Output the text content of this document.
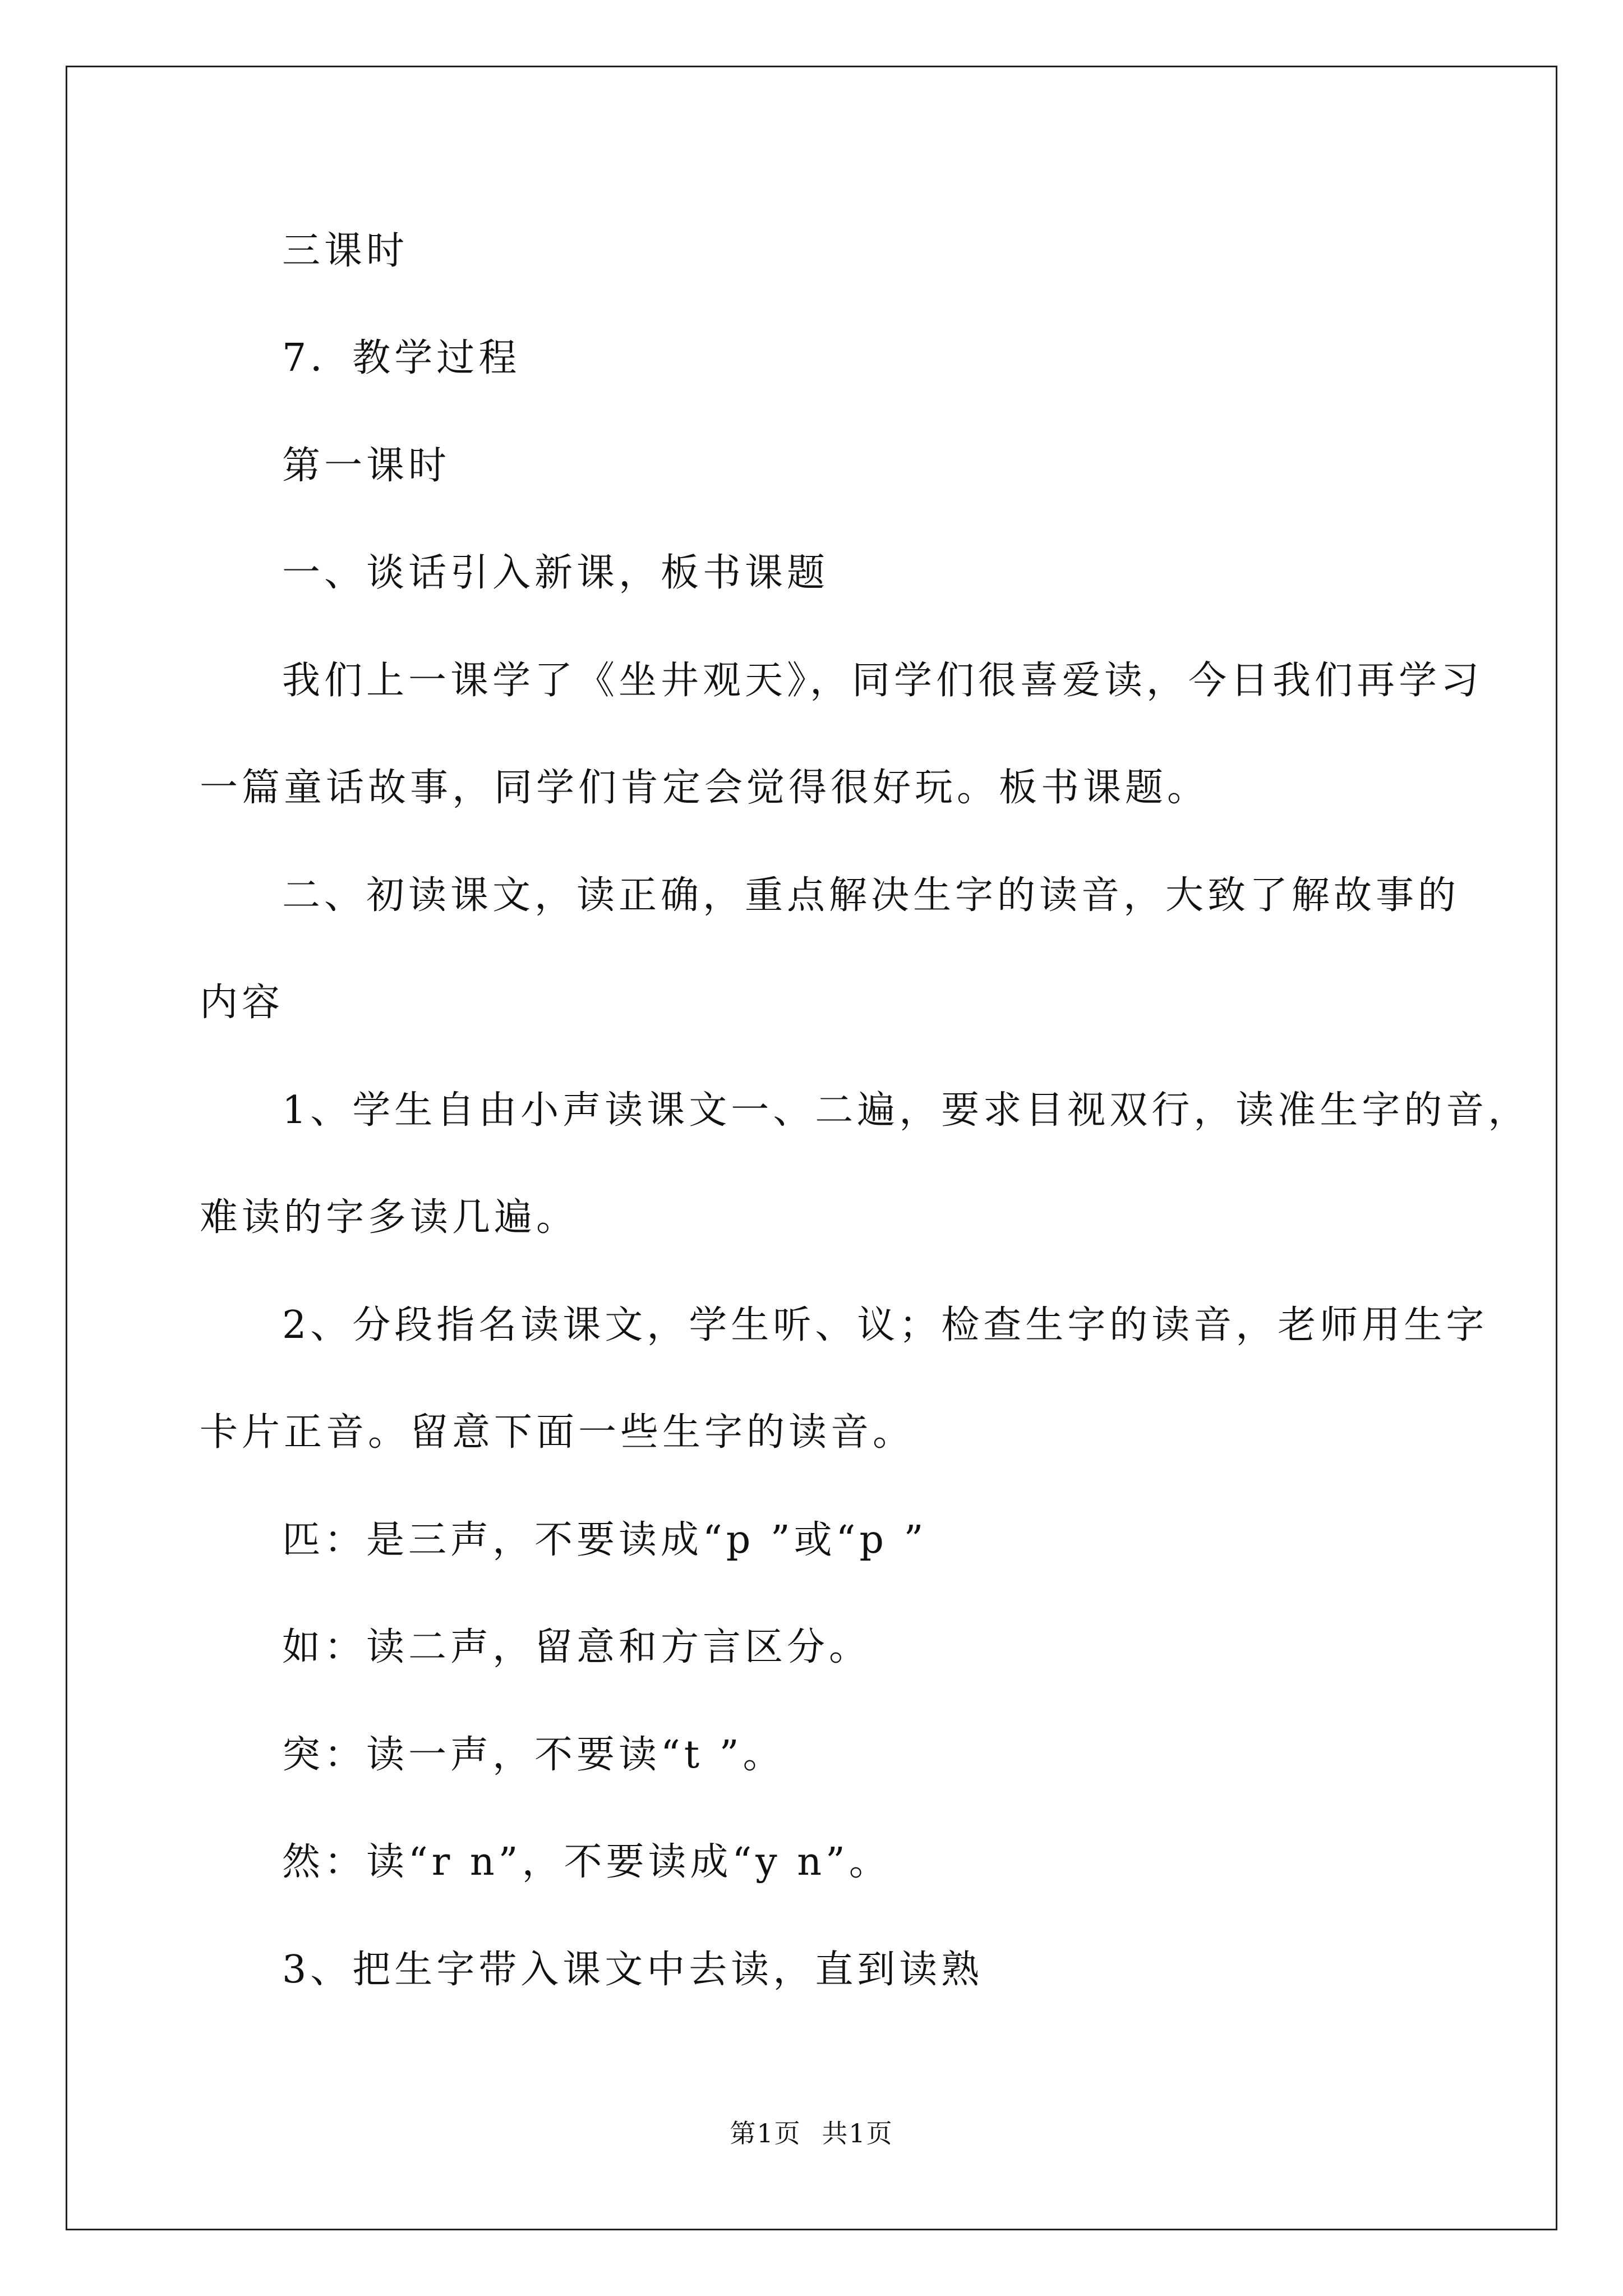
三课时

7．教学过程

第一课时

一、谈话引入新课，板书课题

我们上一课学了《坐井观天》，同学们很喜爱读，今日我们再学习

一篇童话故事，同学们肯定会觉得很好玩。板书课题。

二、初读课文，读正确，重点解决生字的读音，大致了解故事的

内容

1、学生自由小声读课文一、二遍，要求目视双行，读准生字的音，

难读的字多读几遍。

2、分段指名读课文，学生听、议；检查生字的读音，老师用生字

卡片正音。留意下面一些生字的读音。

匹：是三声，不要读成“p ”或“p ”

如：读二声，留意和方言区分。

突：读一声，不要读“t ”。

然：读“r n”，不要读成“y n”。

3、把生字带入课文中去读，直到读熟

第1页 共1页
